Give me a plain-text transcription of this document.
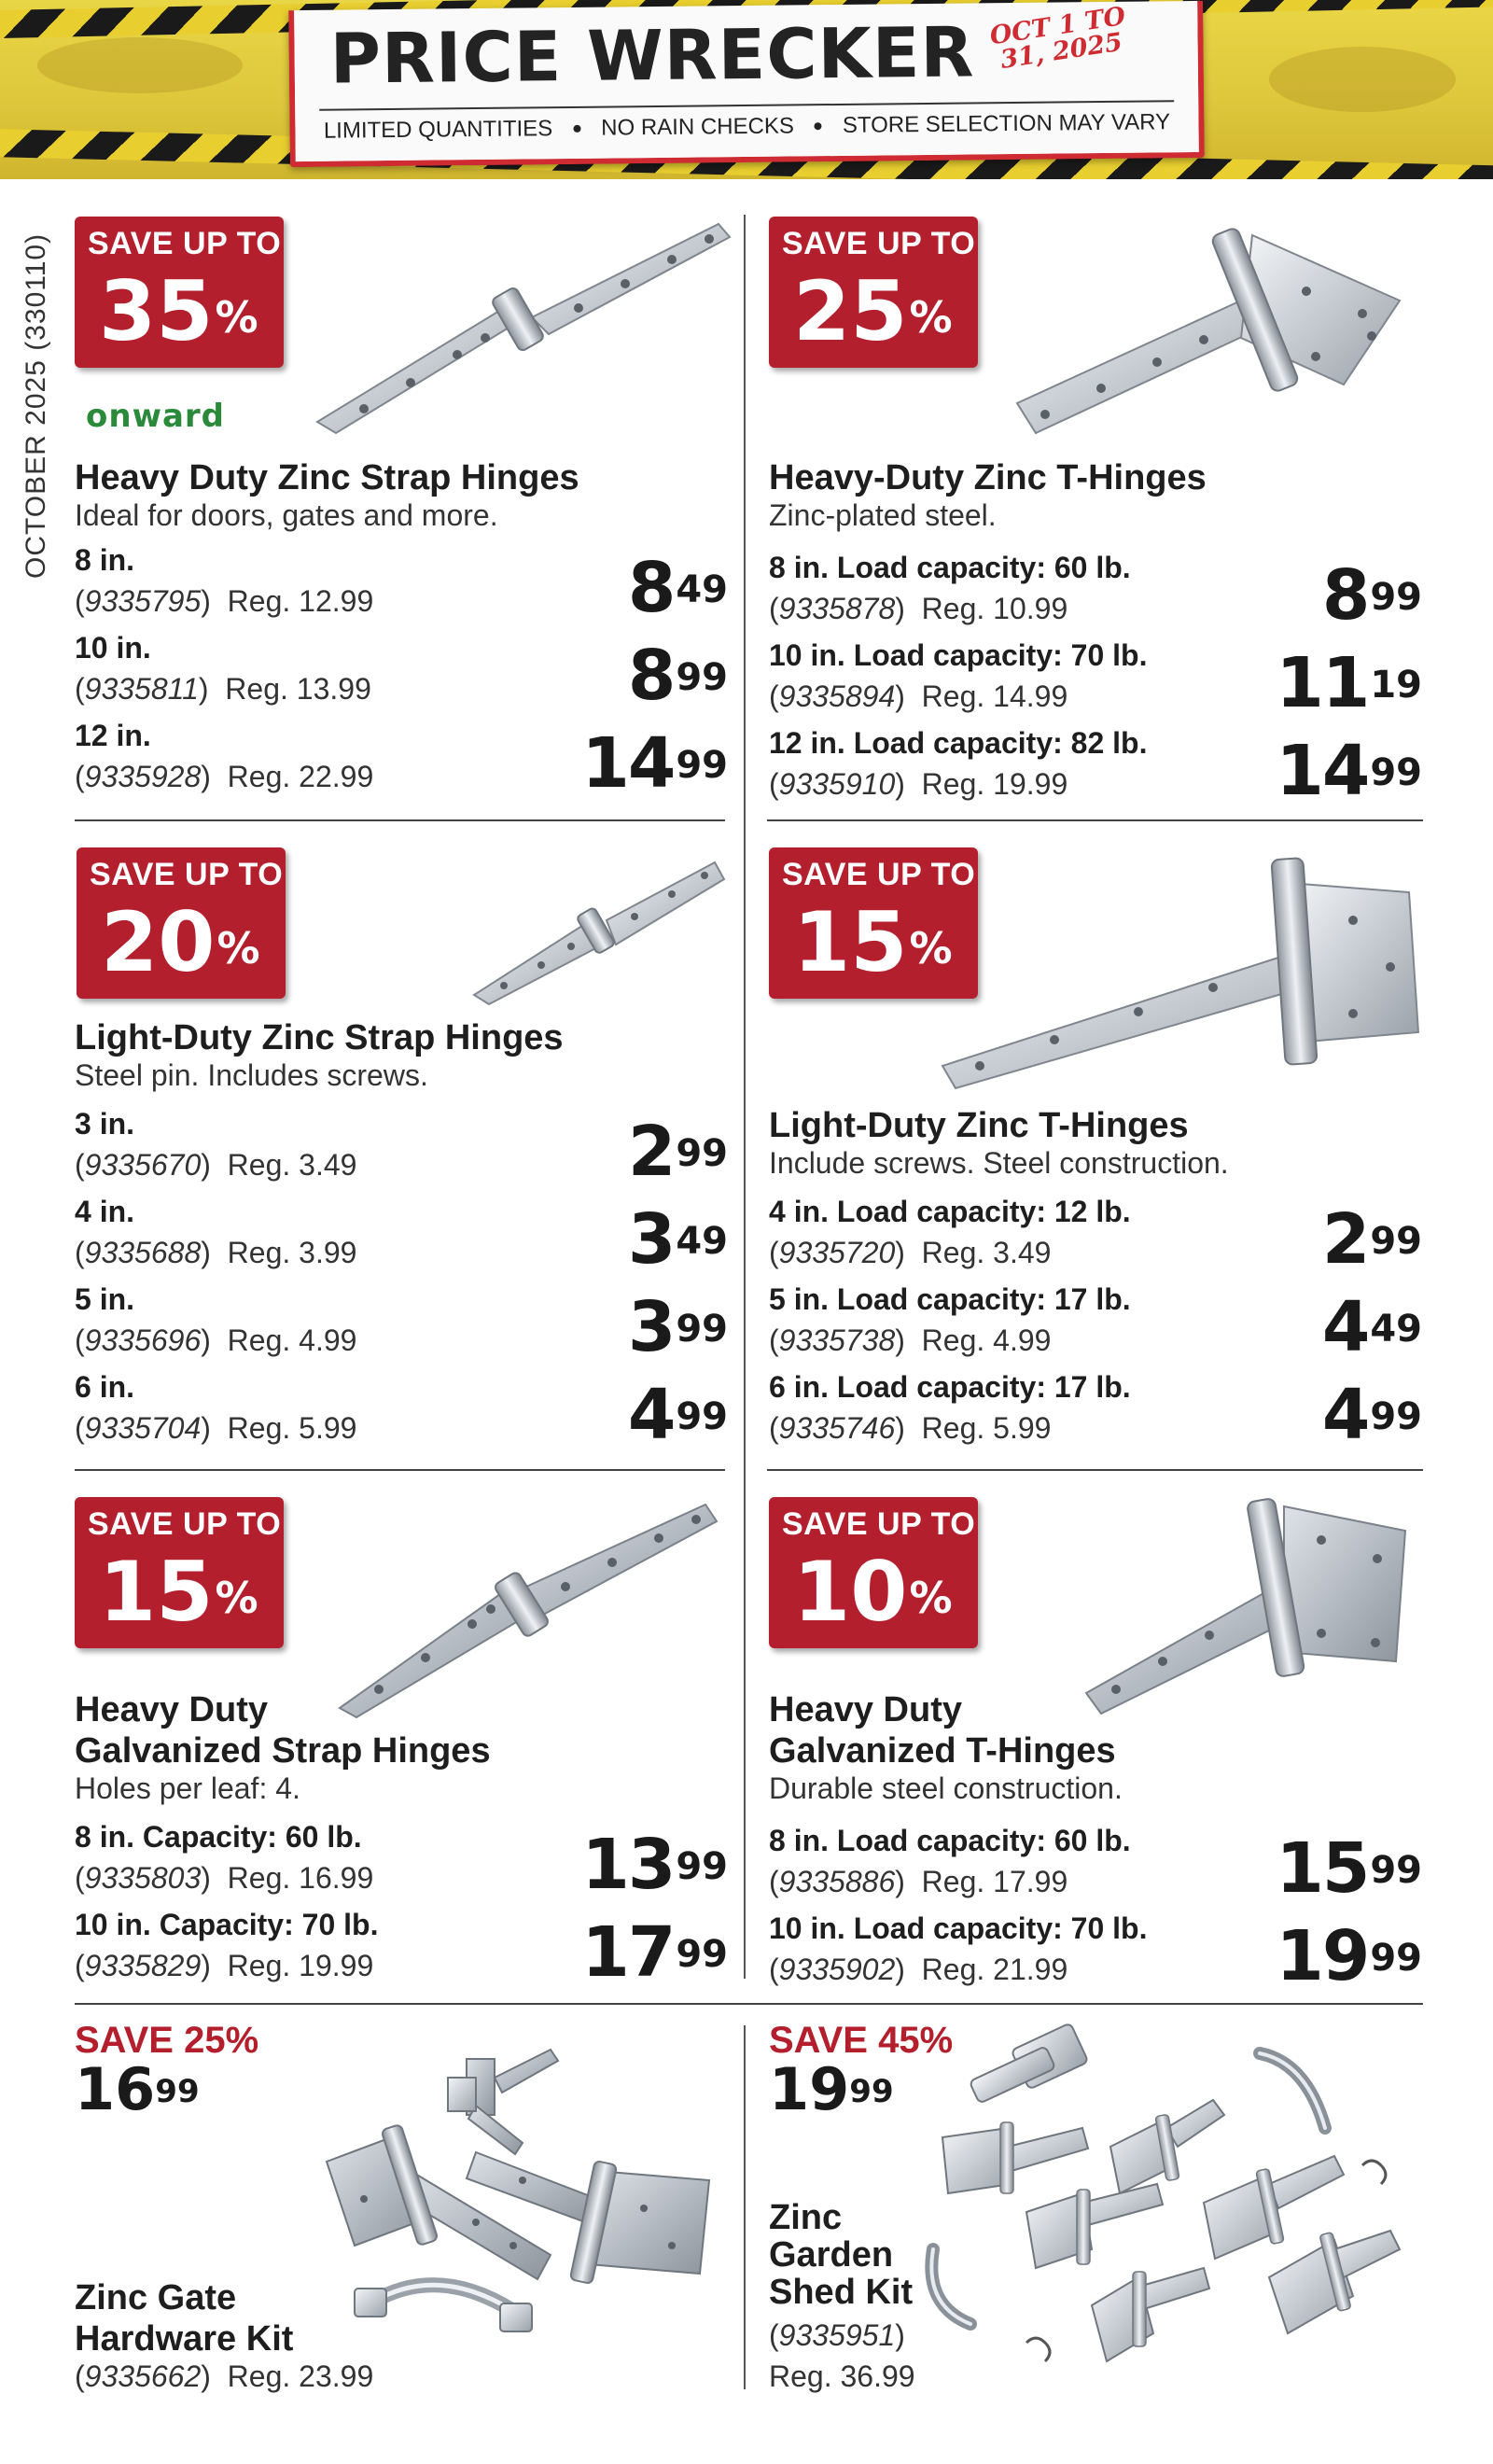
PRICE WRECKER OCT 1 TO 31, 2025
LIMITED QUANTITIES NO RAIN CHECKS STORE SELECTION MAY VARY
OCTOBER 2025 (330110) SAVE UP TO
35%
onward
Heavy Duty Zinc Strap Hinges
Ideal for doors, gates and more.
8 in.
(9335795)  Reg. 12.99	$8^{49}$
10 in.
(9335811)  Reg. 13.99	$8^{99}$
12 in.
(9335928)  Reg. 22.99	$14^{99}$
SAVE UP TO
25%
Heavy-Duty Zinc T-Hinges
Zinc-plated steel.
8 in. Load capacity: 60 lb.
(9335878)  Reg. 10.99	$8^{99}$
10 in. Load capacity: 70 lb.
(9335894)  Reg. 14.99	$11^{19}$
12 in. Load capacity: 82 lb.
(9335910)  Reg. 19.99	$14^{99}$
SAVE UP TO
20%
Light-Duty Zinc Strap Hinges
Steel pin. Includes screws.
3 in.
(9335670)  Reg. 3.49	$2^{99}$
4 in.
(9335688)  Reg. 3.99	$3^{49}$
5 in.
(9335696)  Reg. 4.99	$3^{99}$
6 in.
(9335704)  Reg. 5.99	$4^{99}$
SAVE UP TO
15%
Light-Duty Zinc T-Hinges
Include screws. Steel construction.
4 in. Load capacity: 12 lb.
(9335720)  Reg. 3.49	$2^{99}$
5 in. Load capacity: 17 lb.
(9335738)  Reg. 4.99	$4^{49}$
6 in. Load capacity: 17 lb.
(9335746)  Reg. 5.99	$4^{99}$
SAVE UP TO
15%
Heavy Duty
Galvanized Strap Hinges
Holes per leaf: 4.
8 in. Capacity: 60 lb.
(9335803)  Reg. 16.99	$13^{99}$
10 in. Capacity: 70 lb.
(9335829)  Reg. 19.99	$17^{99}$
SAVE UP TO
10%
Heavy Duty
Galvanized T-Hinges
Durable steel construction.
8 in. Load capacity: 60 lb.
(9335886)  Reg. 17.99	$15^{99}$
10 in. Load capacity: 70 lb.
(9335902)  Reg. 21.99	$19^{99}$
SAVE 25%
$16^{99}$
Zinc Gate
Hardware Kit
(9335662)  Reg. 23.99
SAVE 45%
$19^{99}$
Zinc
Garden
Shed Kit
(9335951)
Reg. 36.99
